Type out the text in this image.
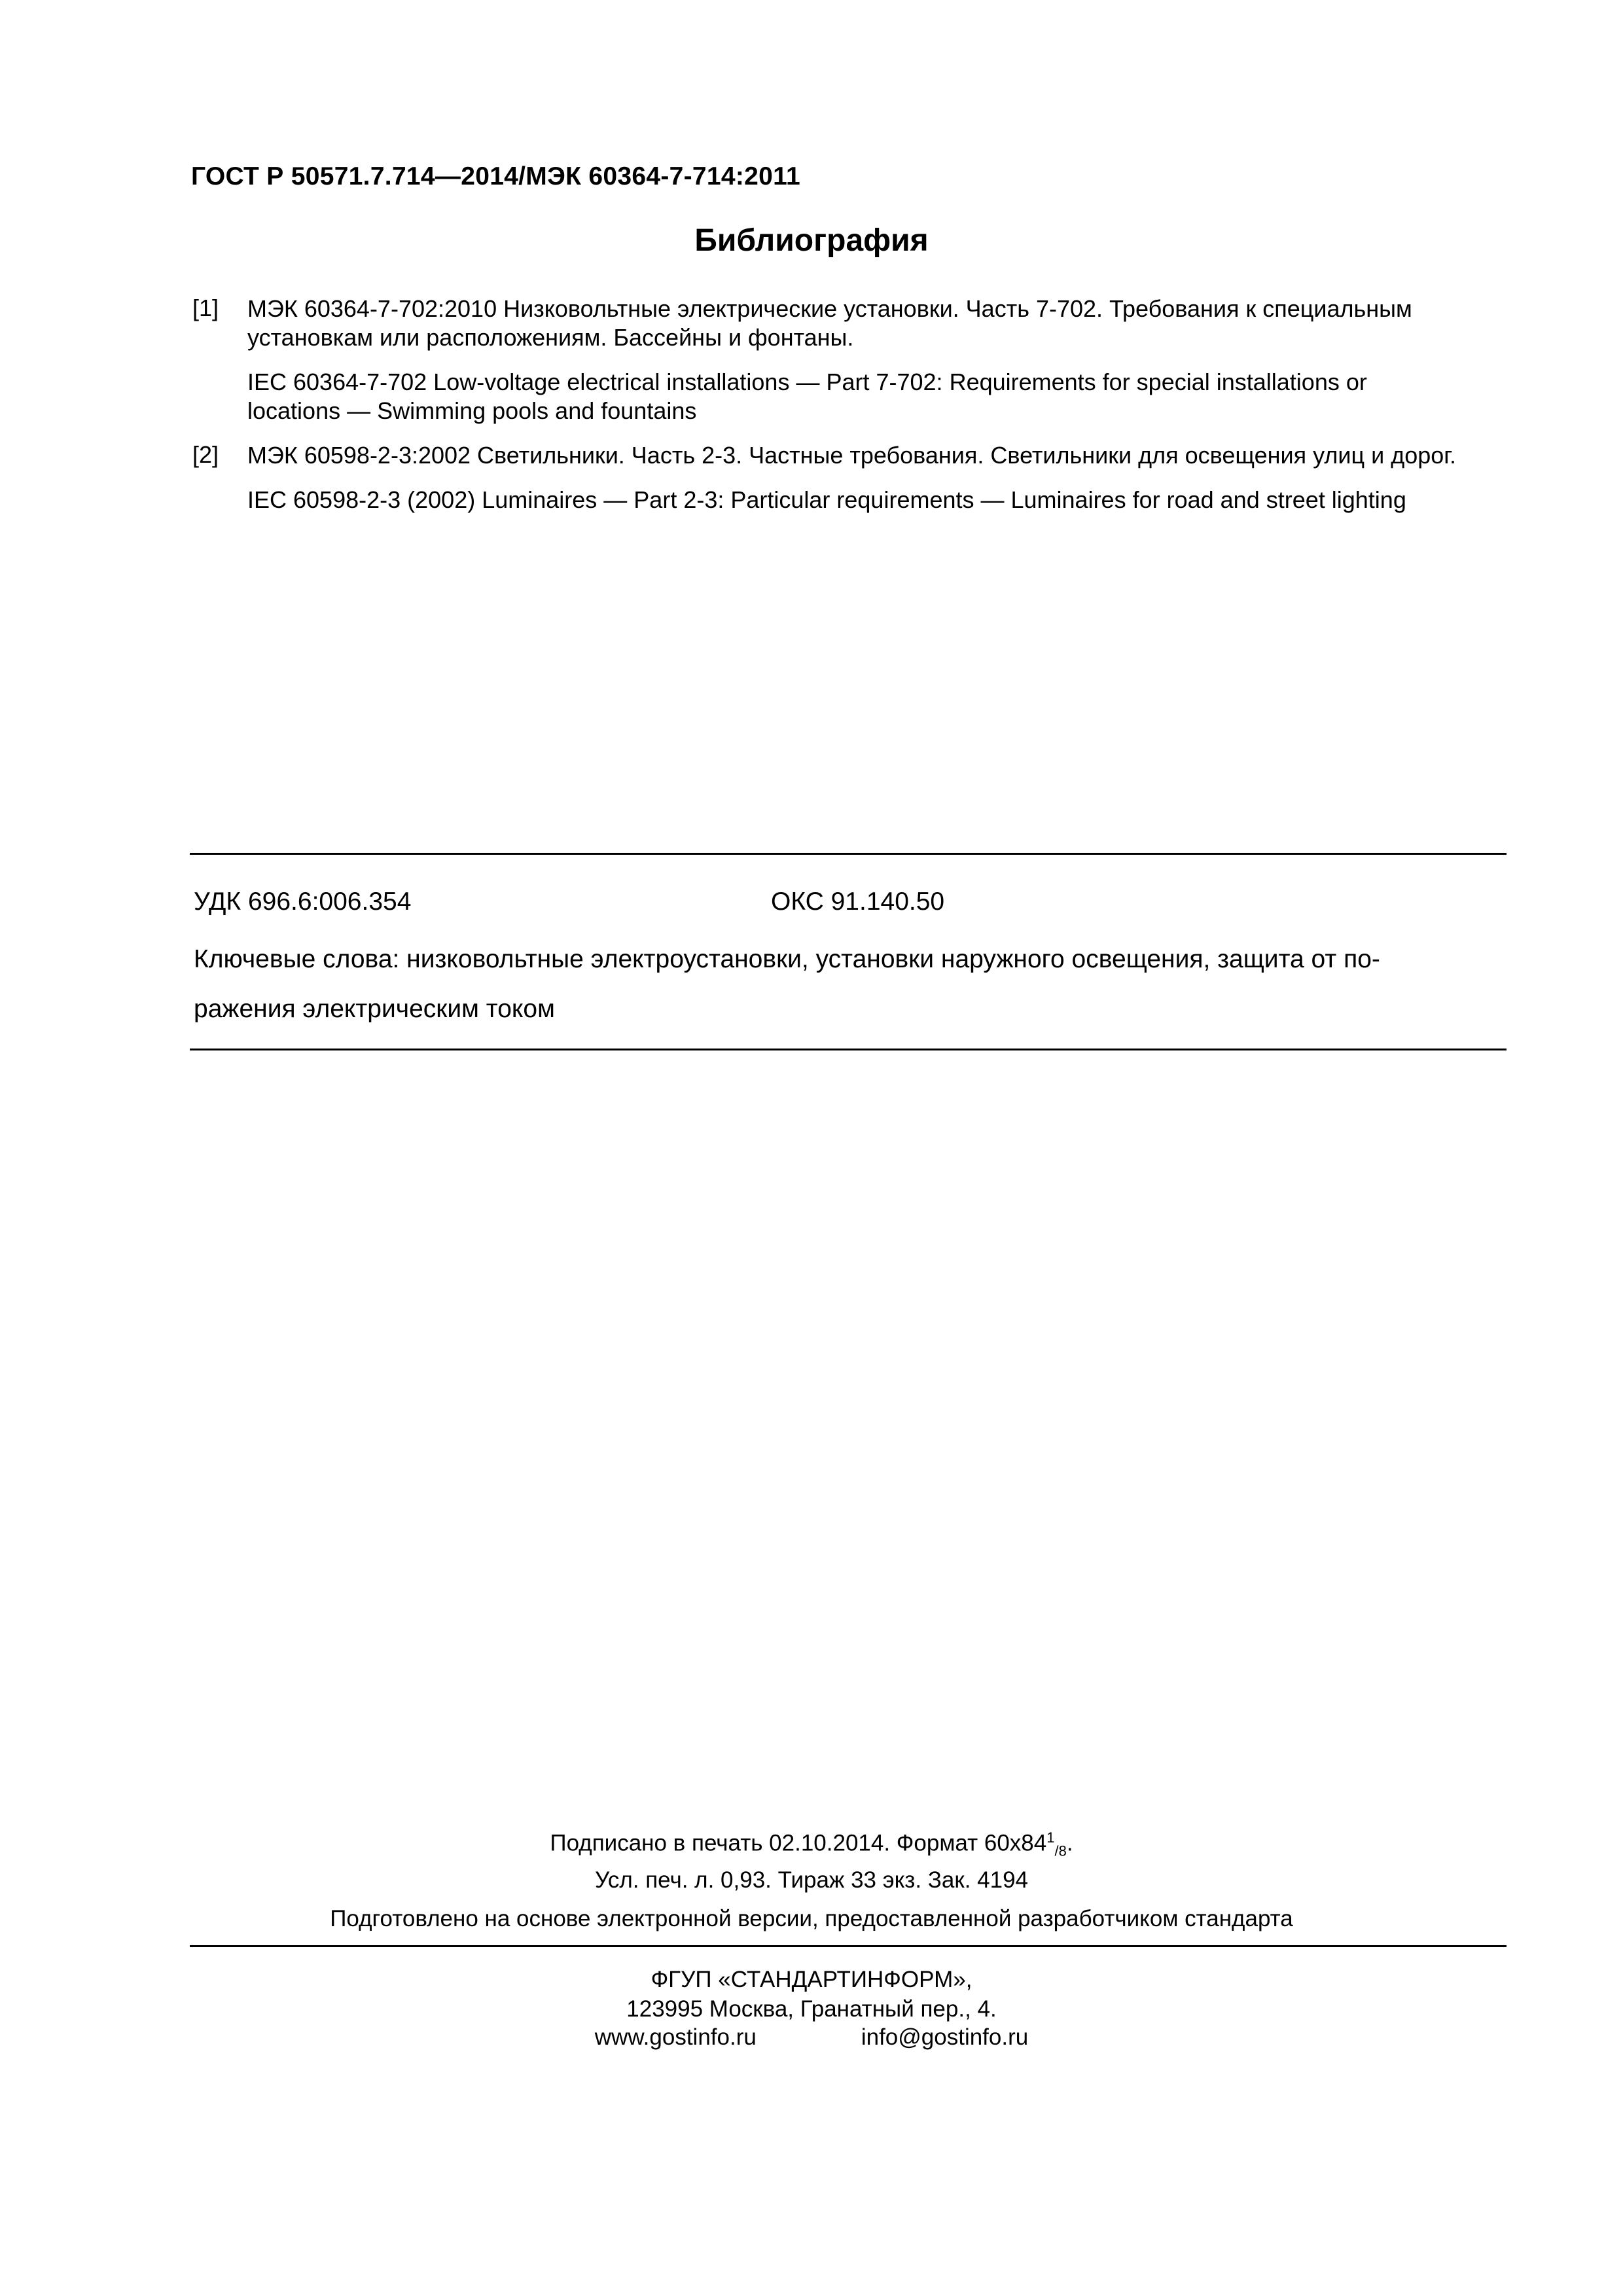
ГОСТ Р 50571.7.714—2014/МЭК 60364-7-714:2011
Библиография
[1] МЭК 60364-7-702:2010 Низковольтные электрические установки. Часть 7-702. Требования к специальным
установкам или расположениям. Бассейны и фонтаны.
IEC 60364-7-702 Low-voltage electrical installations — Part 7-702: Requirements for special installations or
locations — Swimming pools and fountains
[2] МЭК 60598-2-3:2002 Светильники. Часть 2-3. Частные требования. Светильники для освещения улиц и дорог.
IEC 60598-2-3 (2002) Luminaires — Part 2-3: Particular requirements — Luminaires for road and street lighting
УДК 696.6:006.354	ОКС 91.140.50
Ключевые слова: низковольтные электроустановки, установки наружного освещения, защита от по-
ражения электрическим током
Подписано в печать 02.10.2014. Формат $60x84^1_{/8}$.
Усл. печ. л. 0,93. Тираж 33 экз. Зак. 4194
Подготовлено на основе электронной версии, предоставленной разработчиком стандарта
ФГУП «СТАНДАРТИНФОРМ»,
123995 Москва, Гранатный пер., 4.
www.gostinfo.ru	info@gostinfo.ru
